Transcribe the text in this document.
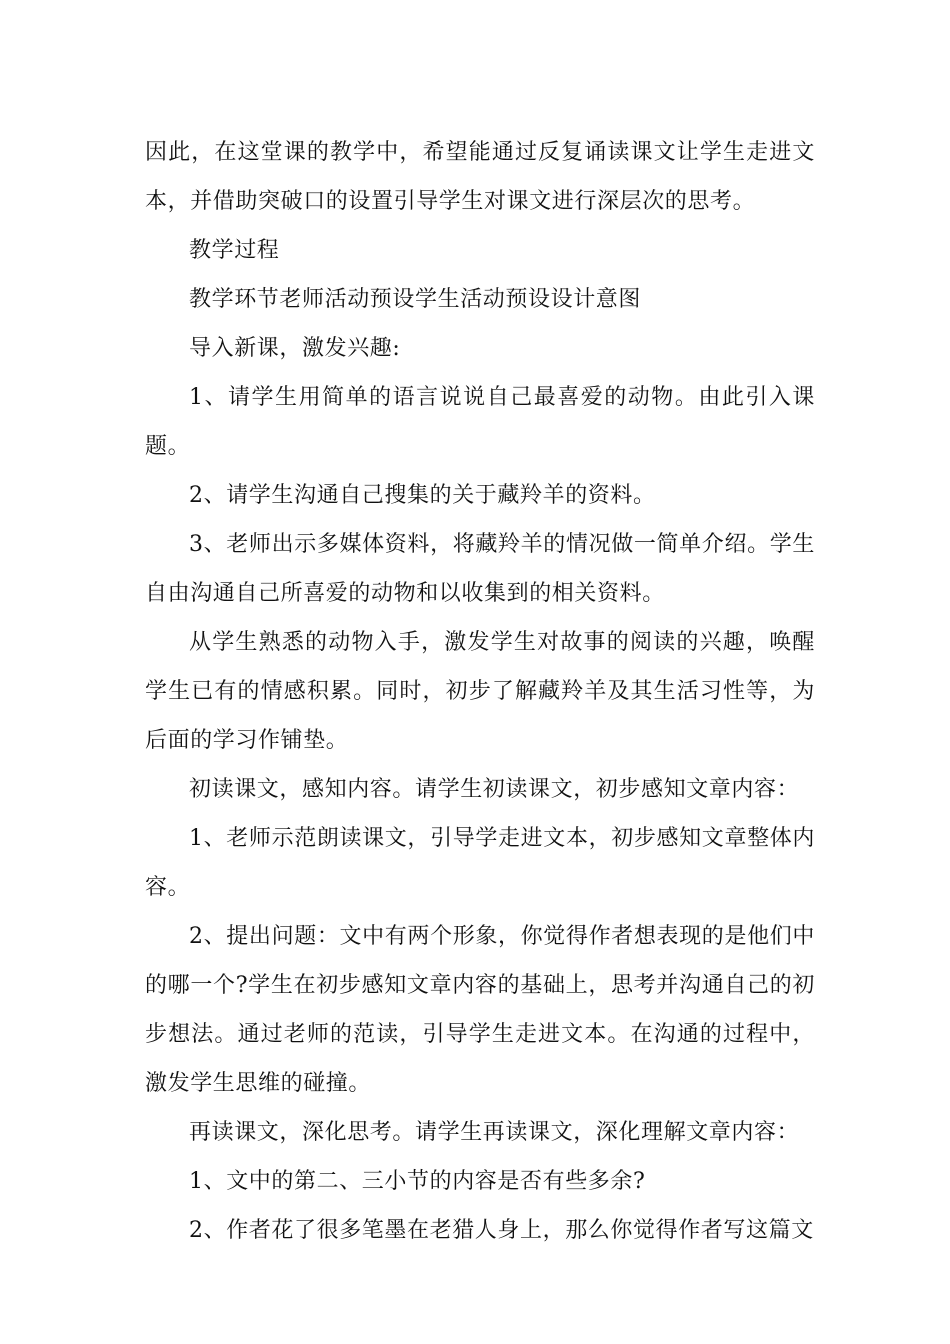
因此，在这堂课的教学中，希望能通过反复诵读课文让学生走进文本，并借助突破口的设置引导学生对课文进行深层次的思考。

教学过程

教学环节老师活动预设学生活动预设设计意图

导入新课，激发兴趣:

1、请学生用简单的语言说说自己最喜爱的动物。由此引入课题。

2、请学生沟通自己搜集的关于藏羚羊的资料。

3、老师出示多媒体资料，将藏羚羊的情况做一简单介绍。学生自由沟通自己所喜爱的动物和以收集到的相关资料。

从学生熟悉的动物入手，激发学生对故事的阅读的兴趣，唤醒学生已有的情感积累。同时，初步了解藏羚羊及其生活习性等，为后面的学习作铺垫。

初读课文，感知内容。请学生初读课文，初步感知文章内容：

1、老师示范朗读课文，引导学走进文本，初步感知文章整体内容。

2、提出问题：文中有两个形象，你觉得作者想表现的是他们中的哪一个?学生在初步感知文章内容的基础上，思考并沟通自己的初步想法。通过老师的范读，引导学生走进文本。在沟通的过程中，激发学生思维的碰撞。

再读课文，深化思考。请学生再读课文，深化理解文章内容：

1、文中的第二、三小节的内容是否有些多余?

2、作者花了很多笔墨在老猎人身上，那么你觉得作者写这篇文
